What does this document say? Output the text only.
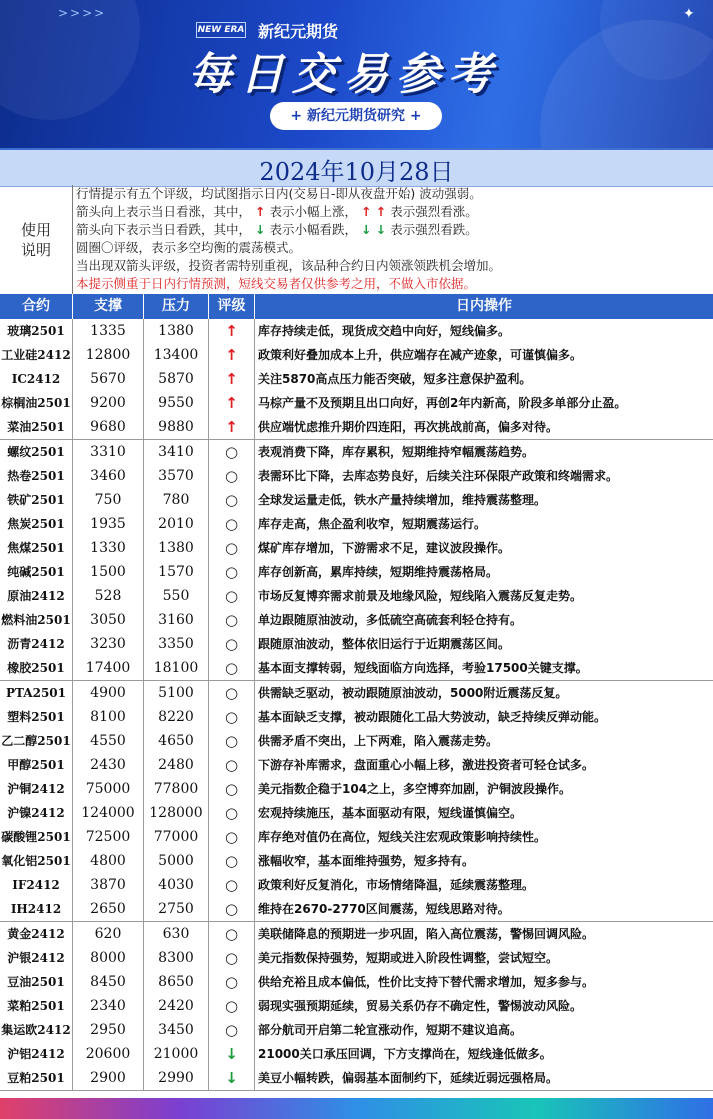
>>>>	✦
NEW ERA 新纪元期货
每日交易参考
+ 新纪元期货研究 +
2024年10月28日
使用
说明
行情提示有五个评级，均试图指示日内(交易日-即从夜盘开始) 波动强弱。
箭头向上表示当日看涨，其中， ↑ 表示小幅上涨， ↑ ↑ 表示强烈看涨。
箭头向下表示当日看跌，其中， ↓ 表示小幅看跌， ↓ ↓ 表示强烈看跌。
圆圈〇评级，表示多空均衡的震荡模式。
当出现双箭头评级，投资者需特别重视，该品种合约日内领涨领跌机会增加。
本提示侧重于日内行情预测，短线交易者仅供参考之用，不做入市依据。
合约	支撑	压力	评级	日内操作
玻璃2501	1335	1380	↑	库存持续走低，现货成交趋中向好，短线偏多。
工业硅2412	12800	13400	↑	政策利好叠加成本上升，供应端存在减产迹象，可谨慎偏多。
IC2412	5670	5870	↑	关注5870高点压力能否突破，短多注意保护盈利。
棕榈油2501	9200	9550	↑	马棕产量不及预期且出口向好，再创2年内新高，阶段多单部分止盈。
菜油2501	9680	9880	↑	供应端忧虑推升期价四连阳，再次挑战前高，偏多对待。
螺纹2501	3310	3410	○	表观消费下降，库存累积，短期维持窄幅震荡趋势。
热卷2501	3460	3570	○	表需环比下降，去库态势良好，后续关注环保限产政策和终端需求。
铁矿2501	750	780	○	全球发运量走低，铁水产量持续增加，维持震荡整理。
焦炭2501	1935	2010	○	库存走高，焦企盈利收窄，短期震荡运行。
焦煤2501	1330	1380	○	煤矿库存增加，下游需求不足，建议波段操作。
纯碱2501	1500	1570	○	库存创新高，累库持续，短期维持震荡格局。
原油2412	528	550	○	市场反复博弈需求前景及地缘风险，短线陷入震荡反复走势。
燃料油2501	3050	3160	○	单边跟随原油波动，多低硫空高硫套利轻仓持有。
沥青2412	3230	3350	○	跟随原油波动，整体依旧运行于近期震荡区间。
橡胶2501	17400	18100	○	基本面支撑转弱，短线面临方向选择，考验17500关键支撑。
PTA2501	4900	5100	○	供需缺乏驱动，被动跟随原油波动，5000附近震荡反复。
塑料2501	8100	8220	○	基本面缺乏支撑，被动跟随化工品大势波动，缺乏持续反弹动能。
乙二醇2501	4550	4650	○	供需矛盾不突出，上下两难，陷入震荡走势。
甲醇2501	2430	2480	○	下游存补库需求，盘面重心小幅上移，激进投资者可轻仓试多。
沪铜2412	75000	77800	○	美元指数企稳于104之上，多空博弈加剧，沪铜波段操作。
沪镍2412	124000	128000	○	宏观持续施压，基本面驱动有限，短线谨慎偏空。
碳酸锂2501	72500	77000	○	库存绝对值仍在高位，短线关注宏观政策影响持续性。
氧化铝2501	4800	5000	○	涨幅收窄，基本面维持强势，短多持有。
IF2412	3870	4030	○	政策利好反复消化，市场情绪降温，延续震荡整理。
IH2412	2650	2750	○	维持在2670-2770区间震荡，短线思路对待。
黄金2412	620	630	○	美联储降息的预期进一步巩固，陷入高位震荡，警惕回调风险。
沪银2412	8000	8300	○	美元指数保持强势，短期或进入阶段性调整，尝试短空。
豆油2501	8450	8650	○	供给充裕且成本偏低，性价比支持下替代需求增加，短多参与。
菜粕2501	2340	2420	○	弱现实强预期延续，贸易关系仍存不确定性，警惕波动风险。
集运欧2412	2950	3450	○	部分航司开启第二轮宣涨动作，短期不建议追高。
沪铝2412	20600	21000	↓	21000关口承压回调，下方支撑尚在，短线逢低做多。
豆粕2501	2900	2990	↓	美豆小幅转跌，偏弱基本面制约下，延续近弱远强格局。
